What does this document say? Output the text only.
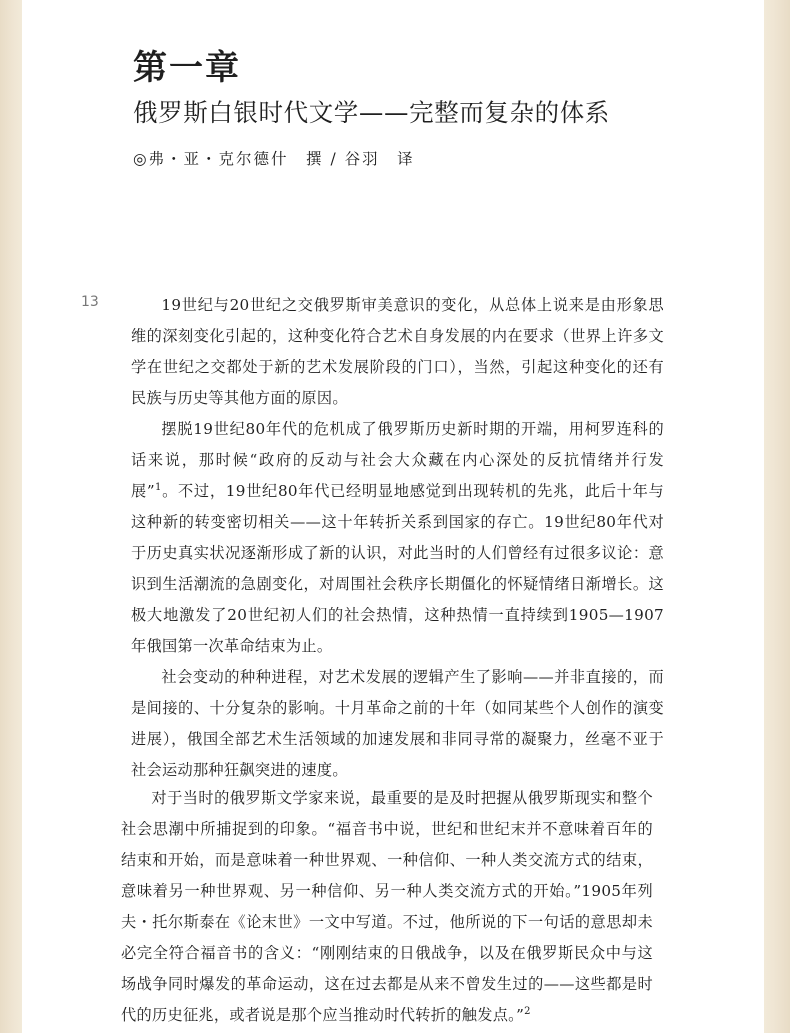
第一章
俄罗斯白银时代文学——完整而复杂的体系
◎弗・亚・克尔德什　撰 / 谷羽　译
13	19世纪与20世纪之交俄罗斯审美意识的变化，从总体上说来是由形象思维的深刻变化引起的，这种变化符合艺术自身发展的内在要求（世界上许多文学在世纪之交都处于新的艺术发展阶段的门口），当然，引起这种变化的还有民族与历史等其他方面的原因。

摆脱19世纪80年代的危机成了俄罗斯历史新时期的开端，用柯罗连科的话来说，那时候“政府的反动与社会大众藏在内心深处的反抗情绪并行发展”$^1$。不过，19世纪80年代已经明显地感觉到出现转机的先兆，此后十年与这种新的转变密切相关——这十年转折关系到国家的存亡。19世纪80年代对于历史真实状况逐渐形成了新的认识，对此当时的人们曾经有过很多议论：意识到生活潮流的急剧变化，对周围社会秩序长期僵化的怀疑情绪日渐增长。这极大地激发了20世纪初人们的社会热情，这种热情一直持续到1905—1907年俄国第一次革命结束为止。

社会变动的种种进程，对艺术发展的逻辑产生了影响——并非直接的，而是间接的、十分复杂的影响。十月革命之前的十年（如同某些个人创作的演变进展），俄国全部艺术生活领域的加速发展和非同寻常的凝聚力，丝毫不亚于社会运动那种狂飙突进的速度。

对于当时的俄罗斯文学家来说，最重要的是及时把握从俄罗斯现实和整个社会思潮中所捕捉到的印象。“福音书中说，世纪和世纪末并不意味着百年的结束和开始，而是意味着一种世界观、一种信仰、一种人类交流方式的结束，意味着另一种世界观、另一种信仰、另一种人类交流方式的开始。”1905年列夫・托尔斯泰在《论末世》一文中写道。不过，他所说的下一句话的意思却未必完全符合福音书的含义：“刚刚结束的日俄战争，以及在俄罗斯民众中与这场战争同时爆发的革命运动，这在过去都是从来不曾发生过的——这些都是时代的历史征兆，或者说是那个应当推动时代转折的触发点。”$^2$
